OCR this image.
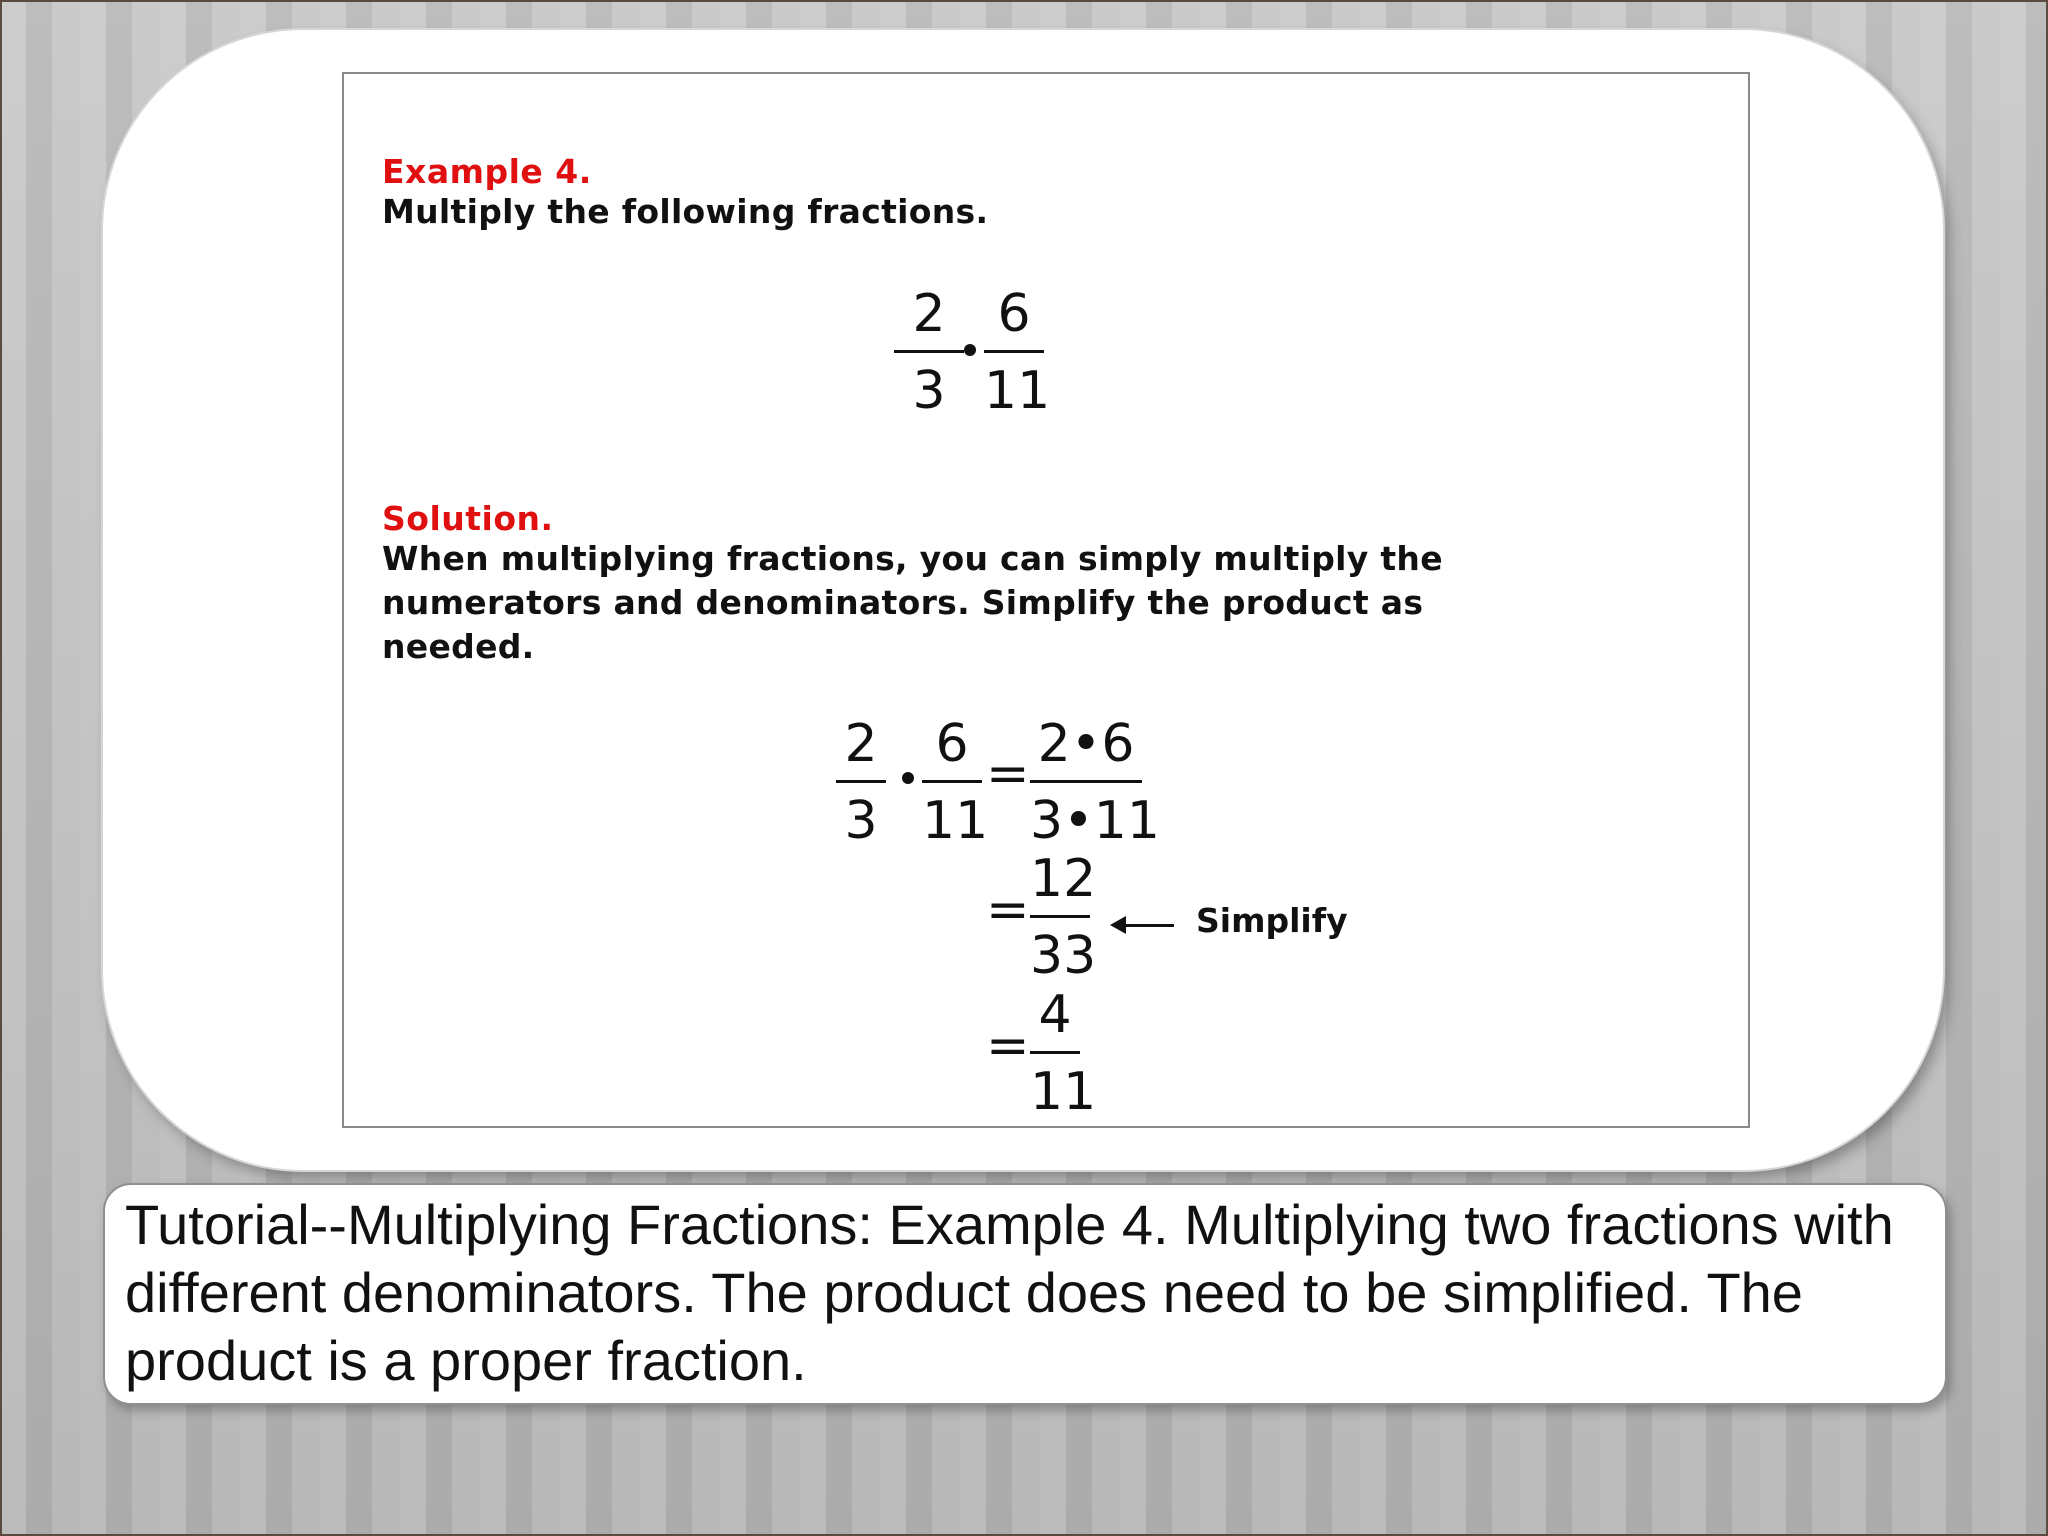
Example 4.
Multiply the following fractions.
2
3
6
11
Solution.
When multiplying fractions, you can simply multiply the
numerators and denominators. Simplify the product as
needed.
2
3
6
11
= 2•6
3•11
=
12
33
Simplify
=
4
11
Tutorial--Multiplying Fractions: Example 4. Multiplying two fractions with different denominators. The product does need to be simplified. The product is a proper fraction.
